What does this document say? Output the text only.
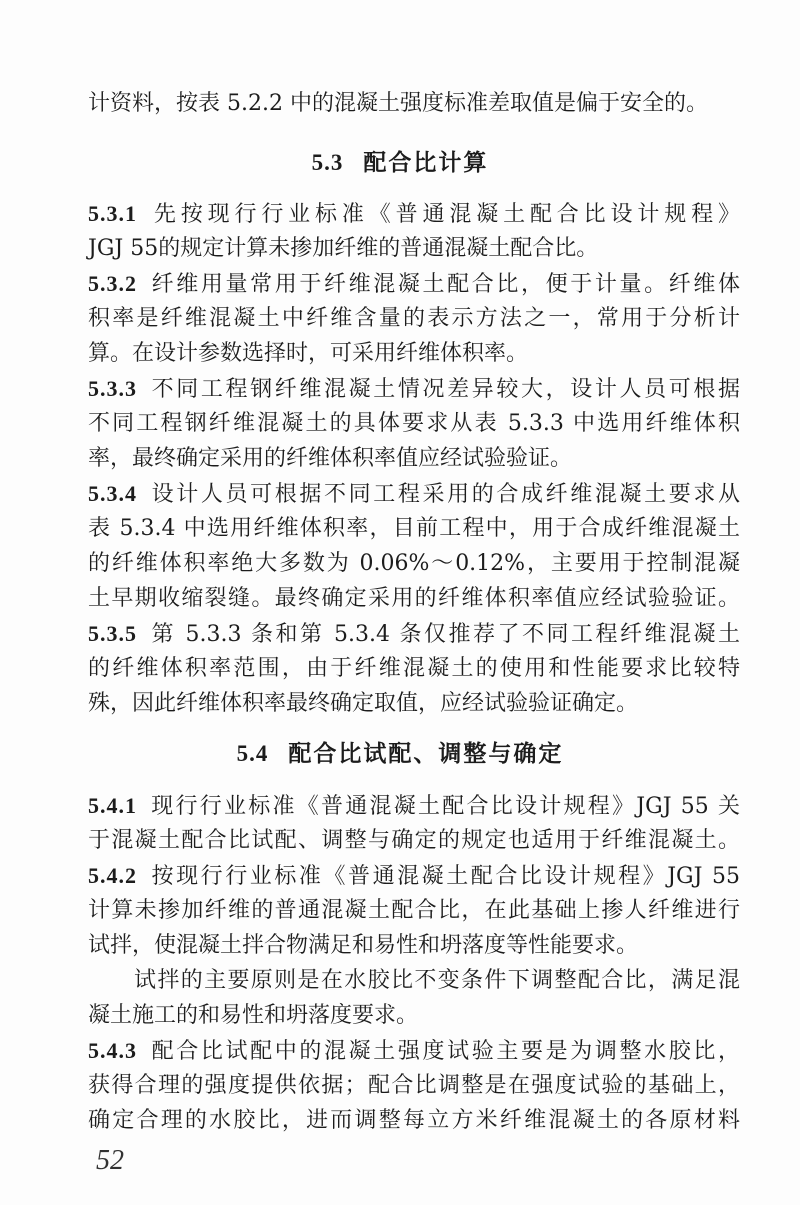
计资料，按表 5.2.2 中的混凝土强度标准差取值是偏于安全的。
5.3 配合比计算
5.3.1 先按现行行业标准《普通混凝土配合比设计规程》
JGJ 55的规定计算未掺加纤维的普通混凝土配合比。
5.3.2 纤维用量常用于纤维混凝土配合比，便于计量。纤维体
积率是纤维混凝土中纤维含量的表示方法之一，常用于分析计
算。在设计参数选择时，可采用纤维体积率。
5.3.3 不同工程钢纤维混凝土情况差异较大，设计人员可根据
不同工程钢纤维混凝土的具体要求从表 5.3.3 中选用纤维体积
率，最终确定采用的纤维体积率值应经试验验证。
5.3.4 设计人员可根据不同工程采用的合成纤维混凝土要求从
表 5.3.4 中选用纤维体积率，目前工程中，用于合成纤维混凝土
的纤维体积率绝大多数为 0.06%～0.12%，主要用于控制混凝
土早期收缩裂缝。最终确定采用的纤维体积率值应经试验验证。
5.3.5 第 5.3.3 条和第 5.3.4 条仅推荐了不同工程纤维混凝土
的纤维体积率范围，由于纤维混凝土的使用和性能要求比较特
殊，因此纤维体积率最终确定取值，应经试验验证确定。
5.4 配合比试配、调整与确定
5.4.1 现行行业标准《普通混凝土配合比设计规程》JGJ 55 关
于混凝土配合比试配、调整与确定的规定也适用于纤维混凝土。
5.4.2 按现行行业标准《普通混凝土配合比设计规程》JGJ 55
计算未掺加纤维的普通混凝土配合比，在此基础上掺人纤维进行
试拌，使混凝土拌合物满足和易性和坍落度等性能要求。
试拌的主要原则是在水胶比不变条件下调整配合比，满足混
凝土施工的和易性和坍落度要求。
5.4.3 配合比试配中的混凝土强度试验主要是为调整水胶比，
获得合理的强度提供依据；配合比调整是在强度试验的基础上，
确定合理的水胶比，进而调整每立方米纤维混凝土的各原材料
52
